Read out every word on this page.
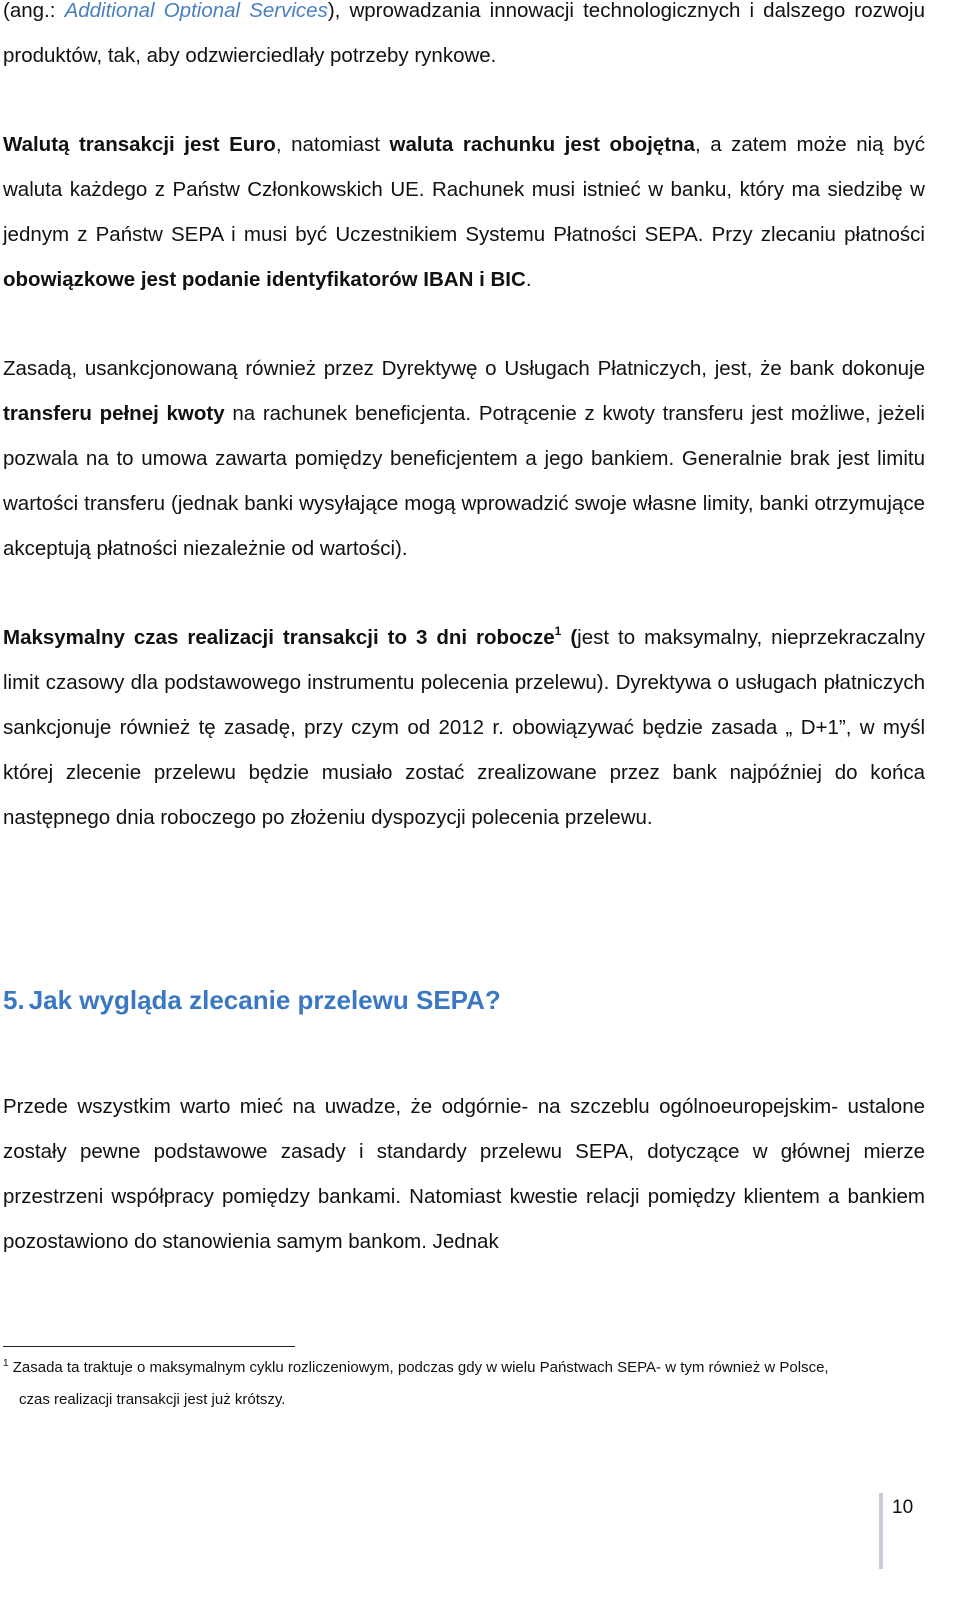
(ang.: Additional Optional Services), wprowadzania innowacji technologicznych i dalszego rozwoju produktów, tak, aby odzwierciedlały potrzeby rynkowe.

Walutą transakcji jest Euro, natomiast waluta rachunku jest obojętna, a zatem może nią być waluta każdego z Państw Członkowskich UE. Rachunek musi istnieć w banku, który ma siedzibę w jednym z Państw SEPA i musi być Uczestnikiem Systemu Płatności SEPA. Przy zlecaniu płatności obowiązkowe jest podanie identyfikatorów IBAN i BIC.

Zasadą, usankcjonowaną również przez Dyrektywę o Usługach Płatniczych, jest, że bank dokonuje transferu pełnej kwoty na rachunek beneficjenta. Potrącenie z kwoty transferu jest możliwe, jeżeli pozwala na to umowa zawarta pomiędzy beneficjentem a jego bankiem. Generalnie brak jest limitu wartości transferu (jednak banki wysyłające mogą wprowadzić swoje własne limity, banki otrzymujące akceptują płatności niezależnie od wartości).

Maksymalny czas realizacji transakcji to 3 dni robocze$^1$ (jest to maksymalny, nieprzekraczalny limit czasowy dla podstawowego instrumentu polecenia przelewu). Dyrektywa o usługach płatniczych sankcjonuje również tę zasadę, przy czym od 2012 r. obowiązywać będzie zasada „ D+1”, w myśl której zlecenie przelewu będzie musiało zostać zrealizowane przez bank najpóźniej do końca następnego dnia roboczego po złożeniu dyspozycji polecenia przelewu.

5. Jak wygląda zlecanie przelewu SEPA?

Przede wszystkim warto mieć na uwadze, że odgórnie- na szczeblu ogólnoeuropejskim- ustalone zostały pewne podstawowe zasady i standardy przelewu SEPA, dotyczące w głównej mierze przestrzeni współpracy pomiędzy bankami. Natomiast kwestie relacji pomiędzy klientem a bankiem pozostawiono do stanowienia samym bankom. Jednak

$^1$ Zasada ta traktuje o maksymalnym cyklu rozliczeniowym, podczas gdy w wielu Państwach SEPA- w tym również w Polsce,
czas realizacji transakcji jest już krótszy.

10
